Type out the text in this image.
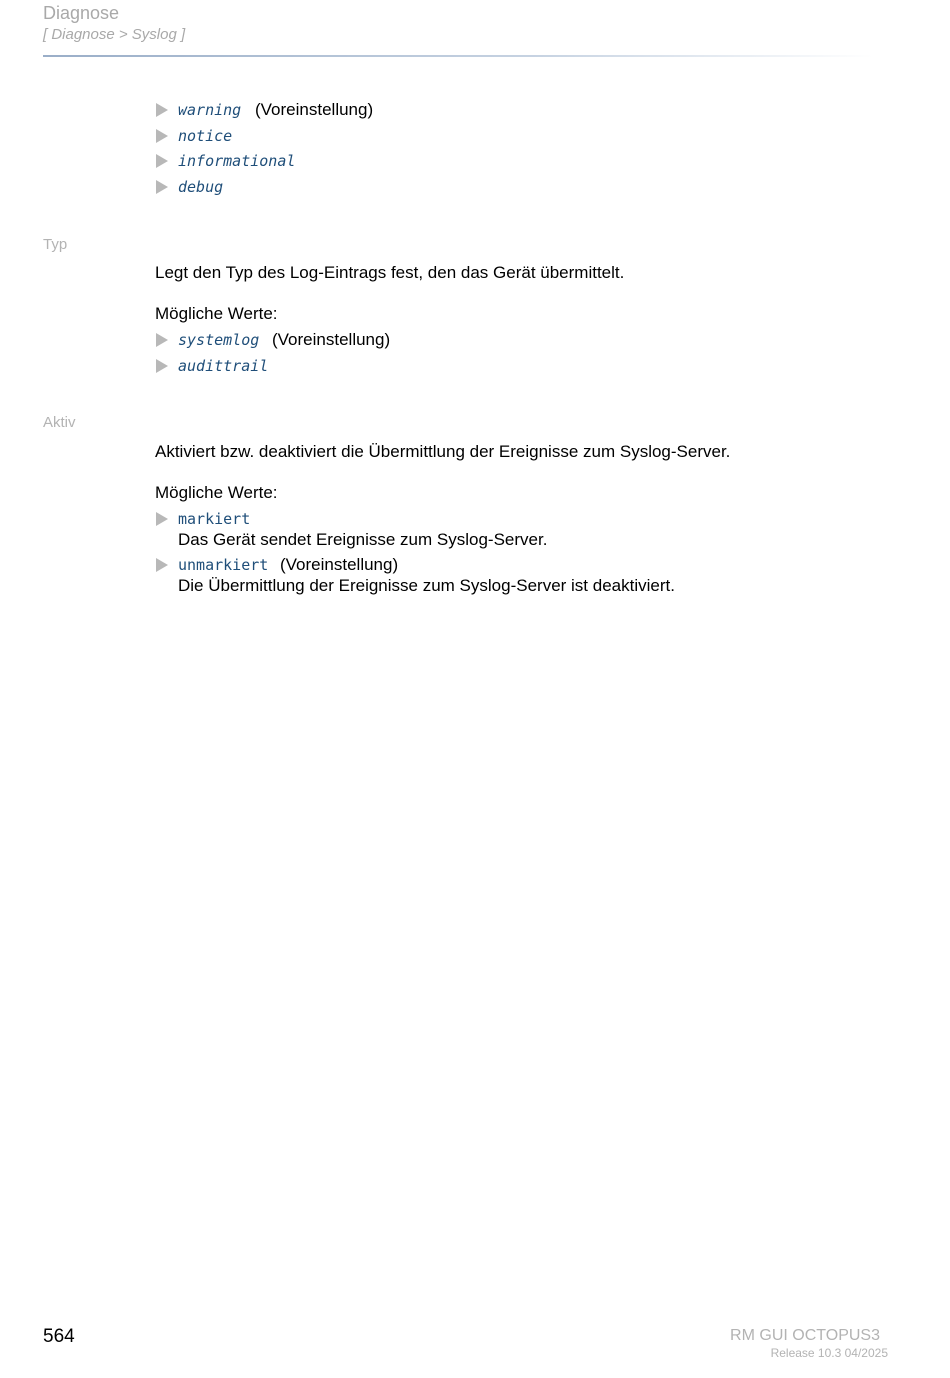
Diagnose
[ Diagnose > Syslog ]
warning (Voreinstellung)
notice
informational
debug
Typ
Legt den Typ des Log-Eintrags fest, den das Gerät übermittelt.
Mögliche Werte:
systemlog (Voreinstellung)
audittrail
Aktiv
Aktiviert bzw. deaktiviert die Übermittlung der Ereignisse zum Syslog-Server.
Mögliche Werte:
markiert
Das Gerät sendet Ereignisse zum Syslog-Server.
unmarkiert (Voreinstellung)
Die Übermittlung der Ereignisse zum Syslog-Server ist deaktiviert.
564	RM GUI OCTOPUS3
Release 10.3 04/2025
